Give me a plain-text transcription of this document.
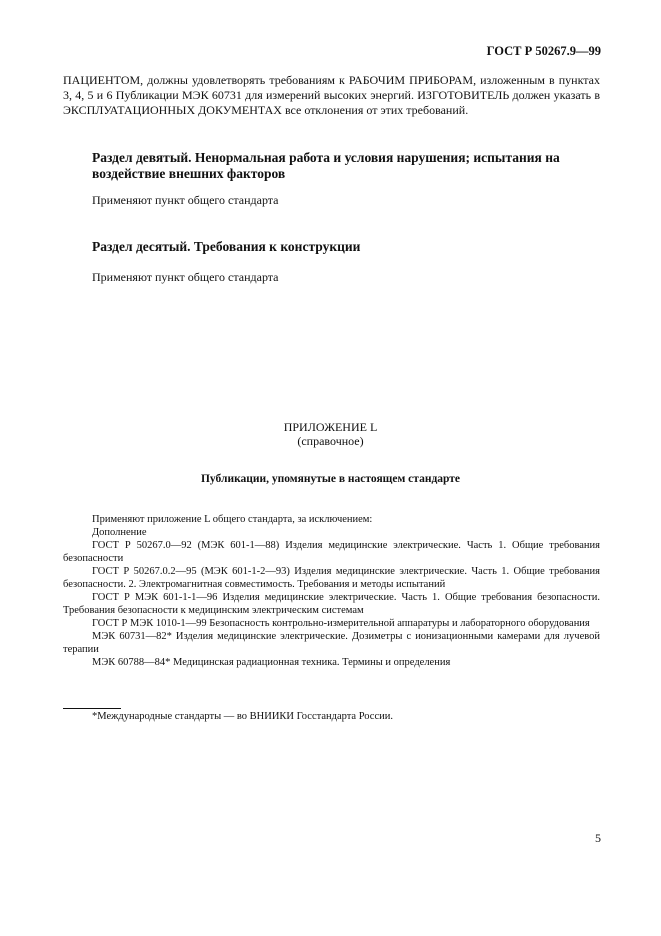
ГОСТ Р 50267.9—99

ПАЦИЕНТОМ, должны удовлетворять требованиям к РАБОЧИМ ПРИБОРАМ, изложенным в пунктах 3, 4, 5 и 6 Публикации МЭК 60731 для измерений высоких энергий. ИЗГОТОВИТЕЛЬ должен указать в ЭКСПЛУАТАЦИОННЫХ ДОКУМЕНТАХ все отклонения от этих требований.

Раздел девятый. Ненормальная работа и условия нарушения; испытания на воздействие внешних факторов
Применяют пункт общего стандарта
Раздел десятый. Требования к конструкции
Применяют пункт общего стандарта
ПРИЛОЖЕНИЕ L
(справочное)
Публикации, упомянутые в настоящем стандарте

Применяют приложение L общего стандарта, за исключением:

Дополнение

ГОСТ Р 50267.0—92 (МЭК 601-1—88) Изделия медицинские электрические. Часть 1. Общие требования безопасности

ГОСТ Р 50267.0.2—95 (МЭК 601-1-2—93) Изделия медицинские электрические. Часть 1. Общие требования безопасности. 2. Электромагнитная совместимость. Требования и методы испытаний

ГОСТ Р МЭК 601-1-1—96 Изделия медицинские электрические. Часть 1. Общие требования безопасности. Требования безопасности к медицинским электрическим системам

ГОСТ Р МЭК 1010-1—99 Безопасность контрольно-измерительной аппаратуры и лабораторного оборудования

МЭК 60731—82* Изделия медицинские электрические. Дозиметры с ионизационными камерами для лучевой терапии

МЭК 60788—84* Медицинская радиационная техника. Термины и определения

*Международные стандарты — во ВНИИКИ Госстандарта России.
5
